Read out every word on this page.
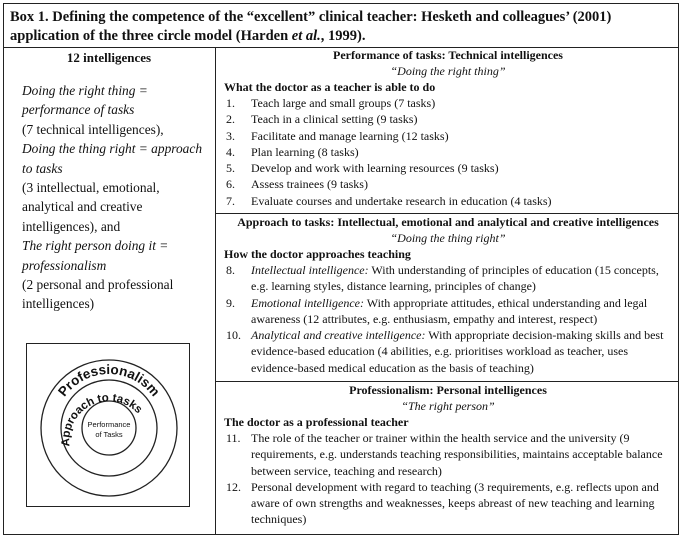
Box 1. Defining the competence of the “excellent” clinical teacher: Hesketh and colleagues’ (2001)
application of the three circle model (Harden et al., 1999).
12 intelligences
Doing the right thing = performance of tasks
(7 technical intelligences),
Doing the thing right = approach to tasks
(3 intellectual, emotional, analytical and creative intelligences), and
The right person doing it = professionalism
(2 personal and professional intelligences)
Professionalism
Approach to tasks
Performance
of Tasks
Performance of tasks: Technical intelligences
“Doing the right thing”
What the doctor as a teacher is able to do
1. Teach large and small groups (7 tasks)
2. Teach in a clinical setting (9 tasks)
3. Facilitate and manage learning (12 tasks)
4. Plan learning (8 tasks)
5. Develop and work with learning resources (9 tasks)
6. Assess trainees (9 tasks)
7. Evaluate courses and undertake research in education (4 tasks)
Approach to tasks: Intellectual, emotional and analytical and creative intelligences
“Doing the thing right”
How the doctor approaches teaching
8. Intellectual intelligence: With understanding of principles of education (15 concepts, e.g. learning styles, distance learning, principles of change)
9. Emotional intelligence: With appropriate attitudes, ethical understanding and legal awareness (12 attributes, e.g. enthusiasm, empathy and interest, respect)
10. Analytical and creative intelligence: With appropriate decision-making skills and best evidence-based education (4 abilities, e.g. prioritises workload as teacher, uses evidence-based medical education as the basis of teaching)
Professionalism: Personal intelligences
“The right person”
The doctor as a professional teacher
11. The role of the teacher or trainer within the health service and the university (9 requirements, e.g. understands teaching responsibilities, maintains acceptable balance between service, teaching and research)
12. Personal development with regard to teaching (3 requirements, e.g. reflects upon and aware of own strengths and weaknesses, keeps abreast of new teaching and learning techniques)
